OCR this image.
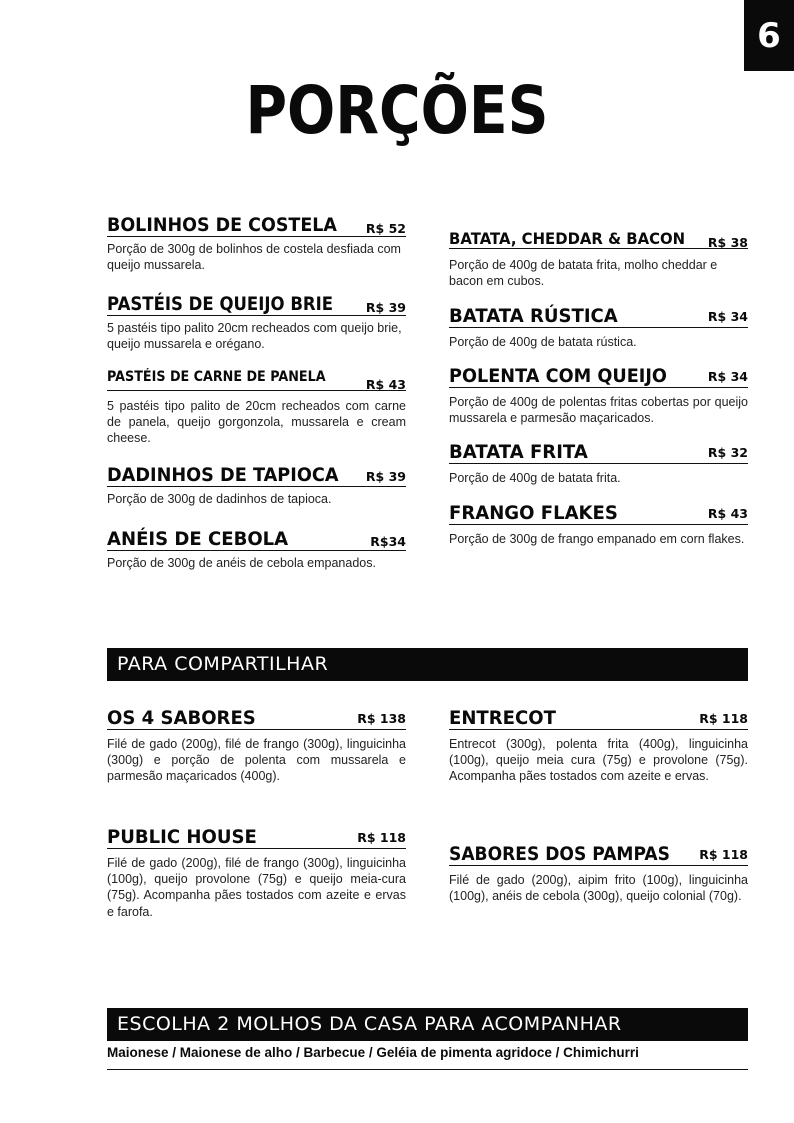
6
PORÇÕES
BOLINHOS DE COSTELA R$ 52
Porção de 300g de bolinhos de costela desfiada com queijo mussarela.
PASTÉIS DE QUEIJO BRIE	R$ 39
5 pastéis tipo palito 20cm recheados com queijo brie, queijo mussarela e orégano.
PASTÉIS DE CARNE DE PANELA	R$ 43
5 pastéis tipo palito de 20cm recheados com carne de panela, queijo gorgonzola, mussarela e cream cheese.
DADINHOS DE TAPIOCA R$ 39
Porção de 300g de dadinhos de tapioca.
ANÉIS DE CEBOLA	R$34
Porção de 300g de anéis de cebola empanados.
BATATA, CHEDDAR & BACON R$ 38
Porção de 400g de batata frita, molho cheddar e bacon em cubos.
BATATA RÚSTICA	R$ 34
Porção de 400g de batata rústica.
POLENTA COM QUEIJO	R$ 34
Porção de 400g de polentas fritas cobertas por queijo mussarela e parmesão maçaricados.
BATATA FRITA	R$ 32
Porção de 400g de batata frita.
FRANGO FLAKES	R$ 43
Porção de 300g de frango empanado em corn flakes.
PARA COMPARTILHAR
OS 4 SABORES	R$ 138
Filé de gado (200g), filé de frango (300g), linguicinha (300g) e porção de polenta com mussarela e parmesão maçaricados (400g).
PUBLIC HOUSE	R$ 118
Filé de gado (200g), filé de frango (300g), linguicinha (100g), queijo provolone (75g) e queijo meia-cura (75g). Acompanha pães tostados com azeite e ervas e farofa.
ENTRECOT	R$ 118
Entrecot (300g), polenta frita (400g), linguicinha (100g), queijo meia cura (75g) e provolone (75g). Acompanha pães tostados com azeite e ervas.
SABORES DOS PAMPAS R$ 118
Filé de gado (200g), aipim frito (100g), linguicinha (100g), anéis de cebola (300g), queijo colonial (70g).
ESCOLHA 2 MOLHOS DA CASA PARA ACOMPANHAR
Maionese / Maionese de alho / Barbecue / Geléia de pimenta agridoce / Chimichurri
